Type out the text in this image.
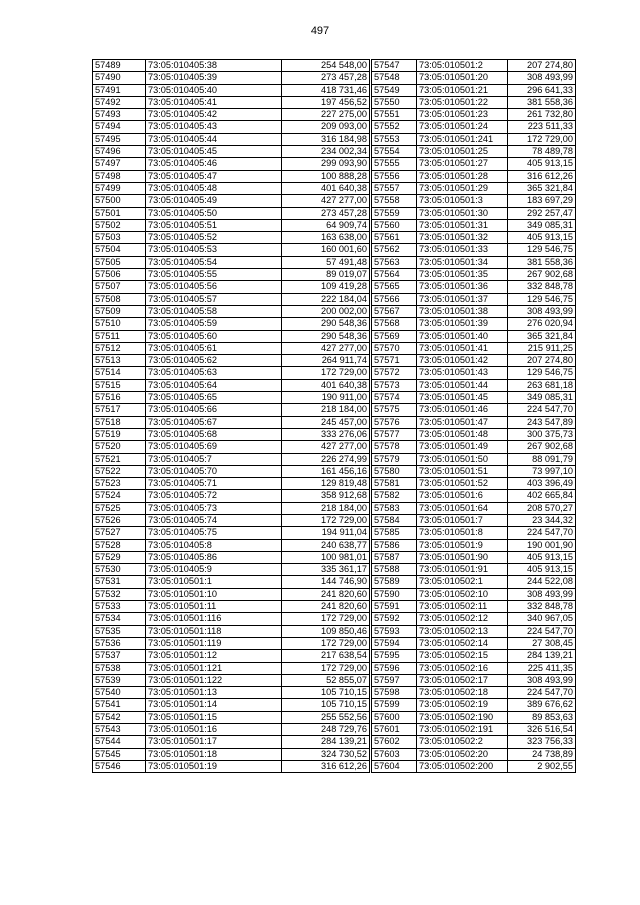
497
57489	73:05:010405:38	254 548,00
57490	73:05:010405:39	273 457,28
57491	73:05:010405:40	418 731,46
57492	73:05:010405:41	197 456,52
57493	73:05:010405:42	227 275,00
57494	73:05:010405:43	209 093,00
57495	73:05:010405:44	316 184,98
57496	73:05:010405:45	234 002,34
57497	73:05:010405:46	299 093,90
57498	73:05:010405:47	100 888,28
57499	73:05:010405:48	401 640,38
57500	73:05:010405:49	427 277,00
57501	73:05:010405:50	273 457,28
57502	73:05:010405:51	64 909,74
57503	73:05:010405:52	163 638,00
57504	73:05:010405:53	160 001,60
57505	73:05:010405:54	57 491,48
57506	73:05:010405:55	89 019,07
57507	73:05:010405:56	109 419,28
57508	73:05:010405:57	222 184,04
57509	73:05:010405:58	200 002,00
57510	73:05:010405:59	290 548,36
57511	73:05:010405:60	290 548,36
57512	73:05:010405:61	427 277,00
57513	73:05:010405:62	264 911,74
57514	73:05:010405:63	172 729,00
57515	73:05:010405:64	401 640,38
57516	73:05:010405:65	190 911,00
57517	73:05:010405:66	218 184,00
57518	73:05:010405:67	245 457,00
57519	73:05:010405:68	333 276,06
57520	73:05:010405:69	427 277,00
57521	73:05:010405:7	226 274,99
57522	73:05:010405:70	161 456,16
57523	73:05:010405:71	129 819,48
57524	73:05:010405:72	358 912,68
57525	73:05:010405:73	218 184,00
57526	73:05:010405:74	172 729,00
57527	73:05:010405:75	194 911,04
57528	73:05:010405:8	240 638,77
57529	73:05:010405:86	100 981,01
57530	73:05:010405:9	335 361,17
57531	73:05:010501:1	144 746,90
57532	73:05:010501:10	241 820,60
57533	73:05:010501:11	241 820,60
57534	73:05:010501:116	172 729,00
57535	73:05:010501:118	109 850,46
57536	73:05:010501:119	172 729,00
57537	73:05:010501:12	217 638,54
57538	73:05:010501:121	172 729,00
57539	73:05:010501:122	52 855,07
57540	73:05:010501:13	105 710,15
57541	73:05:010501:14	105 710,15
57542	73:05:010501:15	255 552,56
57543	73:05:010501:16	248 729,76
57544	73:05:010501:17	284 139,21
57545	73:05:010501:18	324 730,52
57546	73:05:010501:19	316 612,26
57547	73:05:010501:2	207 274,80
57548	73:05:010501:20	308 493,99
57549	73:05:010501:21	296 641,33
57550	73:05:010501:22	381 558,36
57551	73:05:010501:23	261 732,80
57552	73:05:010501:24	223 511,33
57553	73:05:010501:241	172 729,00
57554	73:05:010501:25	78 489,78
57555	73:05:010501:27	405 913,15
57556	73:05:010501:28	316 612,26
57557	73:05:010501:29	365 321,84
57558	73:05:010501:3	183 697,29
57559	73:05:010501:30	292 257,47
57560	73:05:010501:31	349 085,31
57561	73:05:010501:32	405 913,15
57562	73:05:010501:33	129 546,75
57563	73:05:010501:34	381 558,36
57564	73:05:010501:35	267 902,68
57565	73:05:010501:36	332 848,78
57566	73:05:010501:37	129 546,75
57567	73:05:010501:38	308 493,99
57568	73:05:010501:39	276 020,94
57569	73:05:010501:40	365 321,84
57570	73:05:010501:41	215 911,25
57571	73:05:010501:42	207 274,80
57572	73:05:010501:43	129 546,75
57573	73:05:010501:44	263 681,18
57574	73:05:010501:45	349 085,31
57575	73:05:010501:46	224 547,70
57576	73:05:010501:47	243 547,89
57577	73:05:010501:48	300 375,73
57578	73:05:010501:49	267 902,68
57579	73:05:010501:50	88 091,79
57580	73:05:010501:51	73 997,10
57581	73:05:010501:52	403 396,49
57582	73:05:010501:6	402 665,84
57583	73:05:010501:64	208 570,27
57584	73:05:010501:7	23 344,32
57585	73:05:010501:8	224 547,70
57586	73:05:010501:9	190 001,90
57587	73:05:010501:90	405 913,15
57588	73:05:010501:91	405 913,15
57589	73:05:010502:1	244 522,08
57590	73:05:010502:10	308 493,99
57591	73:05:010502:11	332 848,78
57592	73:05:010502:12	340 967,05
57593	73:05:010502:13	224 547,70
57594	73:05:010502:14	27 308,45
57595	73:05:010502:15	284 139,21
57596	73:05:010502:16	225 411,35
57597	73:05:010502:17	308 493,99
57598	73:05:010502:18	224 547,70
57599	73:05:010502:19	389 676,62
57600	73:05:010502:190	89 853,63
57601	73:05:010502:191	326 516,54
57602	73:05:010502:2	323 756,33
57603	73:05:010502:20	24 738,89
57604	73:05:010502:200	2 902,55
